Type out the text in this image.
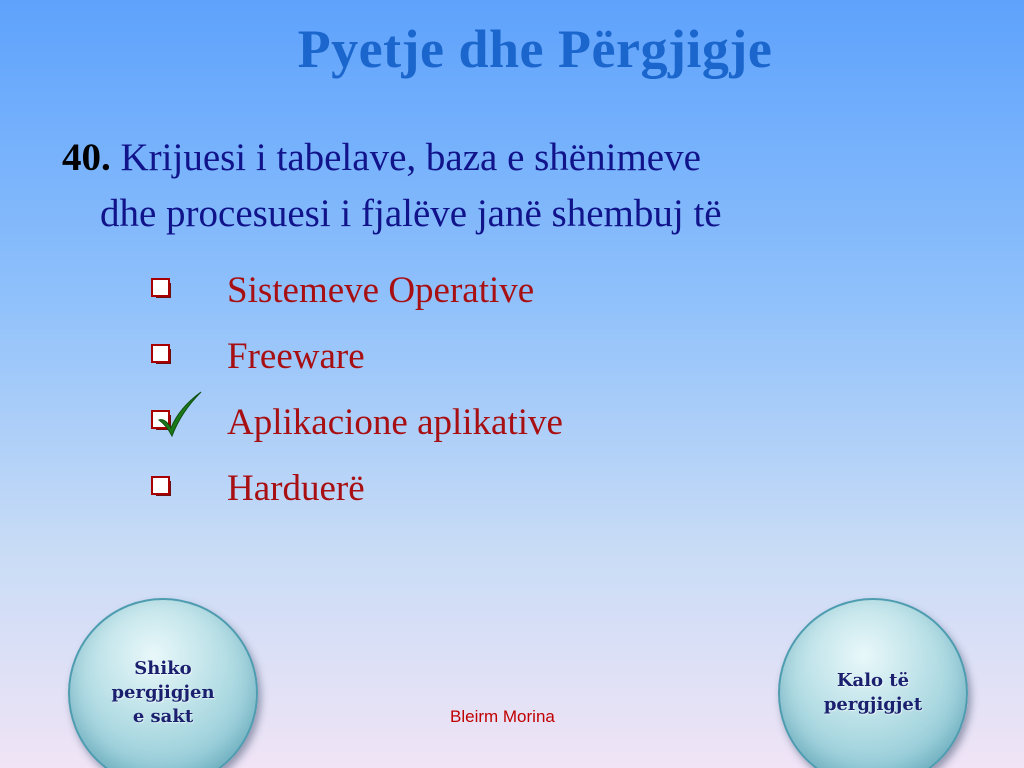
Pyetje dhe Përgjigje
40. Krijuesi i tabelave, baza e shënimeve
dhe procesuesi i fjalëve janë shembuj të
Sistemeve Operative
Freeware
Aplikacione aplikative
Harduerë
Shiko
pergjigjen
e sakt
Kalo të
pergjigjet
Bleirm Morina
